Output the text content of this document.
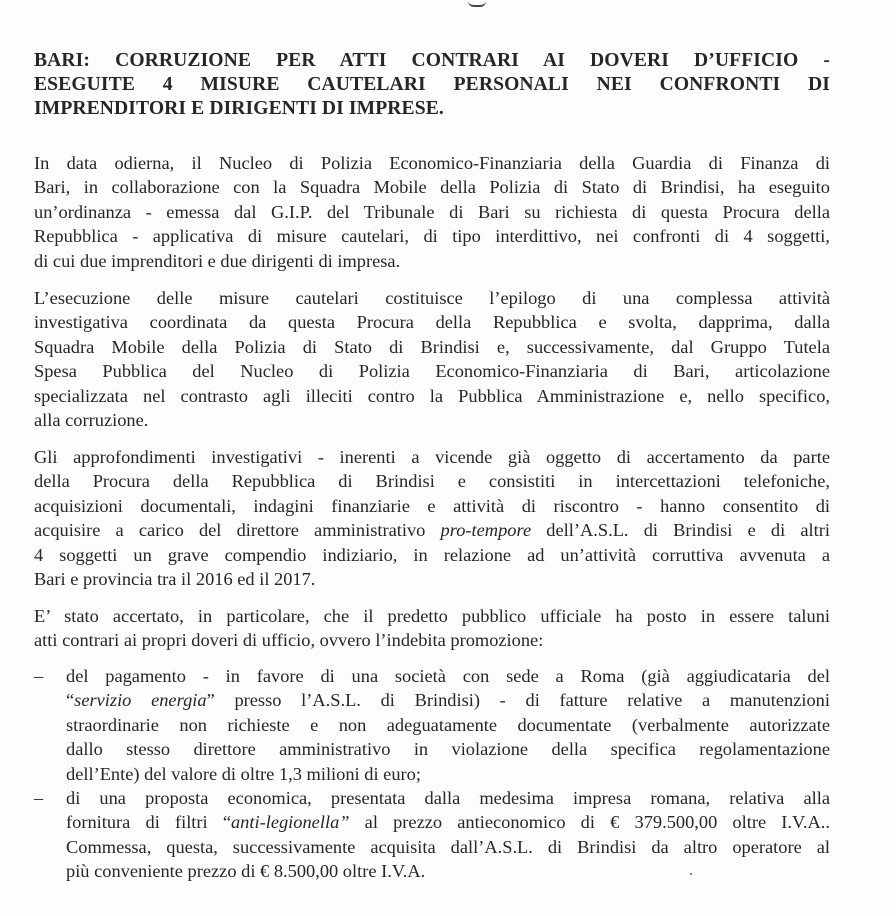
BARI: CORRUZIONE PER ATTI CONTRARI AI DOVERI D’UFFICIO -
ESEGUITE 4 MISURE CAUTELARI PERSONALI NEI CONFRONTI DI
IMPRENDITORI E DIRIGENTI DI IMPRESE.
In data odierna, il Nucleo di Polizia Economico-Finanziaria della Guardia di Finanza di
Bari, in collaborazione con la Squadra Mobile della Polizia di Stato di Brindisi, ha eseguito
un’ordinanza - emessa dal G.I.P. del Tribunale di Bari su richiesta di questa Procura della
Repubblica - applicativa di misure cautelari, di tipo interdittivo, nei confronti di 4 soggetti,
di cui due imprenditori e due dirigenti di impresa.
L’esecuzione delle misure cautelari costituisce l’epilogo di una complessa attività
investigativa coordinata da questa Procura della Repubblica e svolta, dapprima, dalla
Squadra Mobile della Polizia di Stato di Brindisi e, successivamente, dal Gruppo Tutela
Spesa Pubblica del Nucleo di Polizia Economico-Finanziaria di Bari, articolazione
specializzata nel contrasto agli illeciti contro la Pubblica Amministrazione e, nello specifico,
alla corruzione.
Gli approfondimenti investigativi - inerenti a vicende già oggetto di accertamento da parte
della Procura della Repubblica di Brindisi e consistiti in intercettazioni telefoniche,
acquisizioni documentali, indagini finanziarie e attività di riscontro - hanno consentito di
acquisire a carico del direttore amministrativo pro-tempore dell’A.S.L. di Brindisi e di altri
4 soggetti un grave compendio indiziario, in relazione ad un’attività corruttiva avvenuta a
Bari e provincia tra il 2016 ed il 2017.
E’ stato accertato, in particolare, che il predetto pubblico ufficiale ha posto in essere taluni
atti contrari ai propri doveri di ufficio, ovvero l’indebita promozione:
– del pagamento - in favore di una società con sede a Roma (già aggiudicataria del
“servizio energia” presso l’A.S.L. di Brindisi) - di fatture relative a manutenzioni
straordinarie non richieste e non adeguatamente documentate (verbalmente autorizzate
dallo stesso direttore amministrativo in violazione della specifica regolamentazione
dell’Ente) del valore di oltre 1,3 milioni di euro;
– di una proposta economica, presentata dalla medesima impresa romana, relativa alla
fornitura di filtri “anti-legionella” al prezzo antieconomico di € 379.500,00 oltre I.V.A..
Commessa, questa, successivamente acquisita dall’A.S.L. di Brindisi da altro operatore al
più conveniente prezzo di € 8.500,00 oltre I.V.A.
